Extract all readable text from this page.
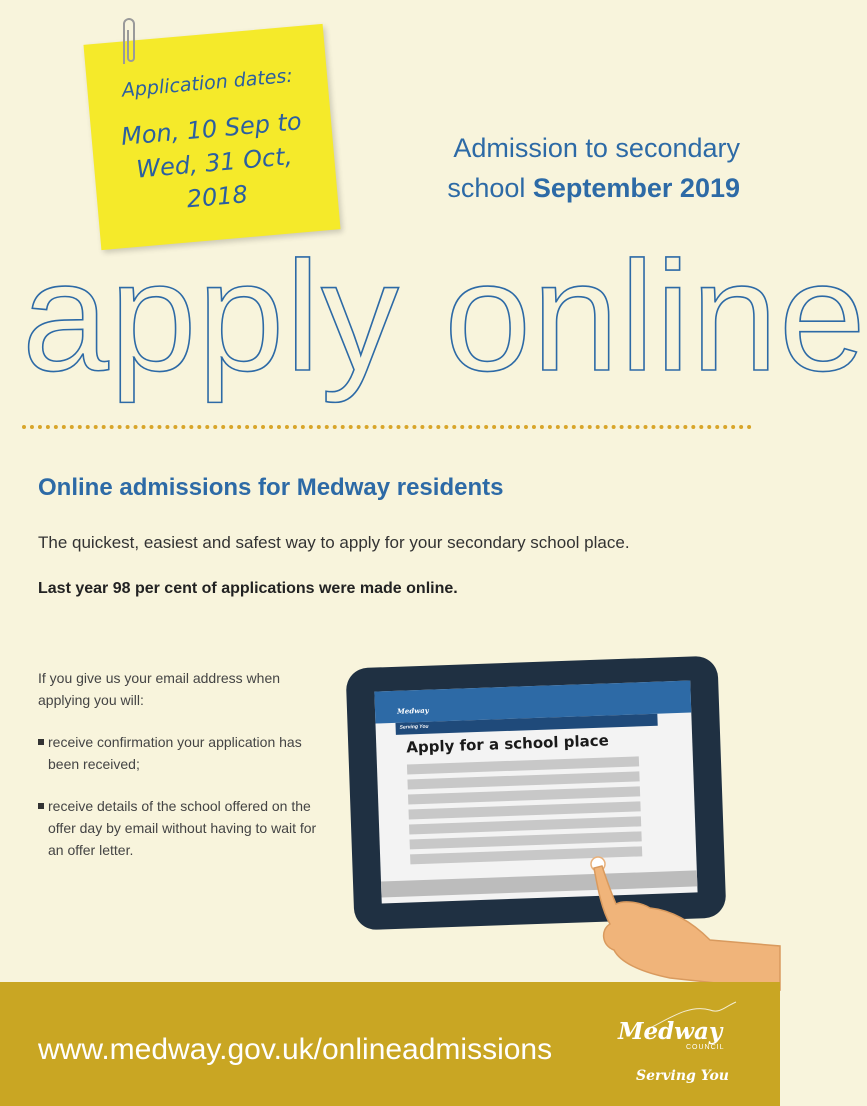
Application dates:
Mon, 10 Sep to
Wed, 31 Oct,
2018
Admission to secondary
school September 2019
apply online
Online admissions for Medway residents
The quickest, easiest and safest way to apply for your secondary school place.
Last year 98 per cent of applications were made online.
If you give us your email address when applying you will:
receive confirmation your application has been received;
receive details of the school offered on the offer day by email without having to wait for an offer letter.
Medway
Serving You
Apply for a school place
www.medway.gov.uk/onlineadmissions
Medway
COUNCIL
Serving You
